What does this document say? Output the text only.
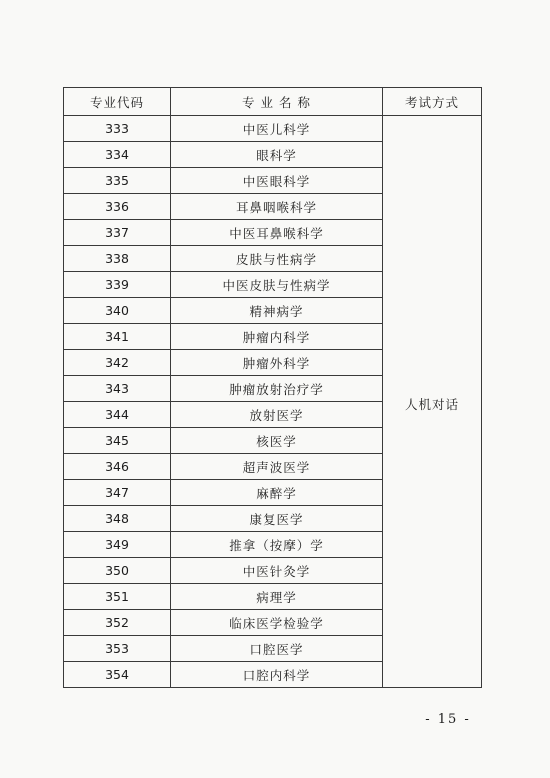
专业代码	专 业 名 称	考试方式
333	中医儿科学	人机对话

334	眼科学	
335	中医眼科学	
336	耳鼻咽喉科学	
337	中医耳鼻喉科学	
338	皮肤与性病学	
339	中医皮肤与性病学	
340	精神病学	
341	肿瘤内科学	
342	肿瘤外科学	
343	肿瘤放射治疗学	
344	放射医学	
345	核医学	
346	超声波医学	
347	麻醉学	
348	康复医学	
349	推拿（按摩）学	
350	中医针灸学	
351	病理学	
352	临床医学检验学	
353	口腔医学	
354	口腔内科学	
- 15 -
